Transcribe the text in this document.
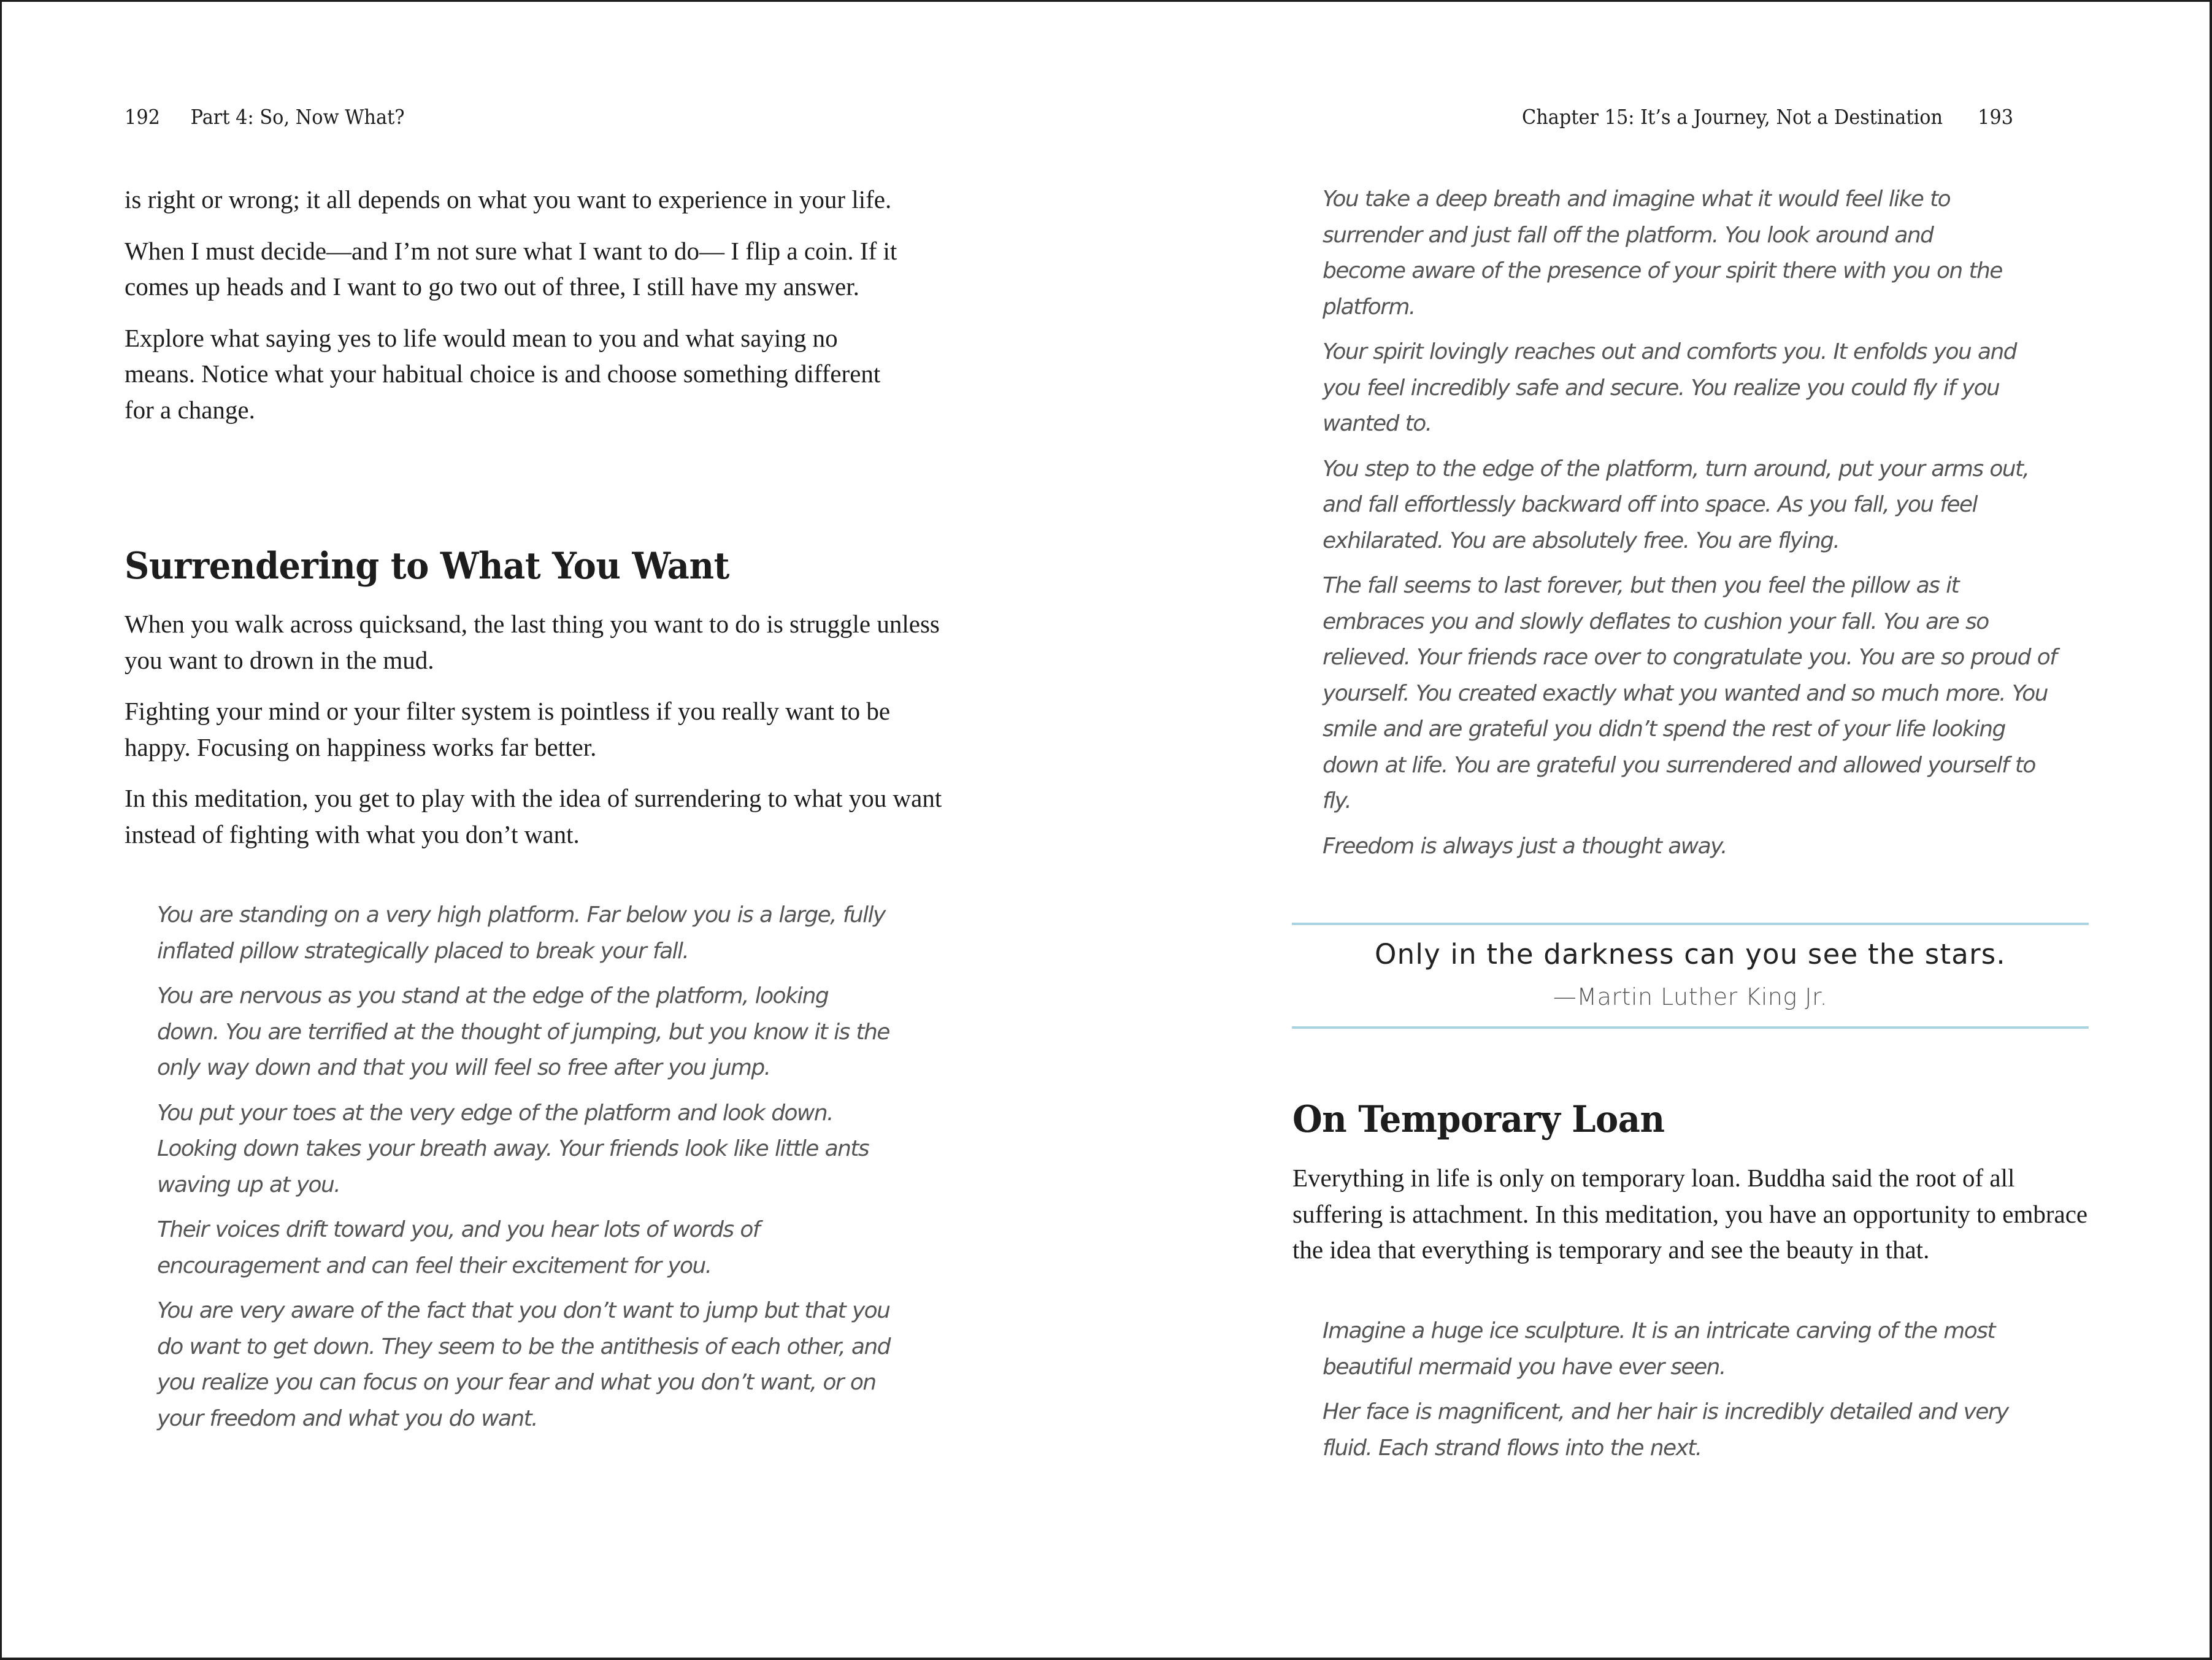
192 Part 4: So, Now What?	Chapter 15: It’s a Journey, Not a Destination 193

is right or wrong; it all depends on what you want to experience in your life.

When I must decide—and I’m not sure what I want to do— I flip a coin. If it comes up heads and I want to go two out of three, I still have my answer.

Explore what saying yes to life would mean to you and what saying no means. Notice what your habitual choice is and choose something different for a change.

Surrendering to What You Want

When you walk across quicksand, the last thing you want to do is struggle unless you want to drown in the mud.

Fighting your mind or your filter system is pointless if you really want to be happy. Focusing on happiness works far better.

In this meditation, you get to play with the idea of surrendering to what you want instead of fighting with what you don’t want.

You are standing on a very high platform. Far below you is a large, fully inflated pillow strategically placed to break your fall.

You are nervous as you stand at the edge of the platform, looking down. You are terrified at the thought of jumping, but you know it is the only way down and that you will feel so free after you jump.

You put your toes at the very edge of the platform and look down. Looking down takes your breath away. Your friends look like little ants waving up at you.

Their voices drift toward you, and you hear lots of words of encouragement and can feel their excitement for you.

You are very aware of the fact that you don’t want to jump but that you do want to get down. They seem to be the antithesis of each other, and you realize you can focus on your fear and what you don’t want, or on your freedom and what you do want.

You take a deep breath and imagine what it would feel like to surrender and just fall off the platform. You look around and become aware of the presence of your spirit there with you on the platform.

Your spirit lovingly reaches out and comforts you. It enfolds you and you feel incredibly safe and secure. You realize you could fly if you wanted to.

You step to the edge of the platform, turn around, put your arms out, and fall effortlessly backward off into space. As you fall, you feel exhilarated. You are absolutely free. You are flying.

The fall seems to last forever, but then you feel the pillow as it embraces you and slowly deflates to cushion your fall. You are so relieved. Your friends race over to congratulate you. You are so proud of yourself. You created exactly what you wanted and so much more. You smile and are grateful you didn’t spend the rest of your life looking down at life. You are grateful you surrendered and allowed yourself to fly.

Freedom is always just a thought away.

Only in the darkness can you see the stars.
—Martin Luther King Jr.
On Temporary Loan

Everything in life is only on temporary loan. Buddha said the root of all suffering is attachment. In this meditation, you have an opportunity to embrace the idea that everything is temporary and see the beauty in that.

Imagine a huge ice sculpture. It is an intricate carving of the most beautiful mermaid you have ever seen.

Her face is magnificent, and her hair is incredibly detailed and very fluid. Each strand flows into the next.
